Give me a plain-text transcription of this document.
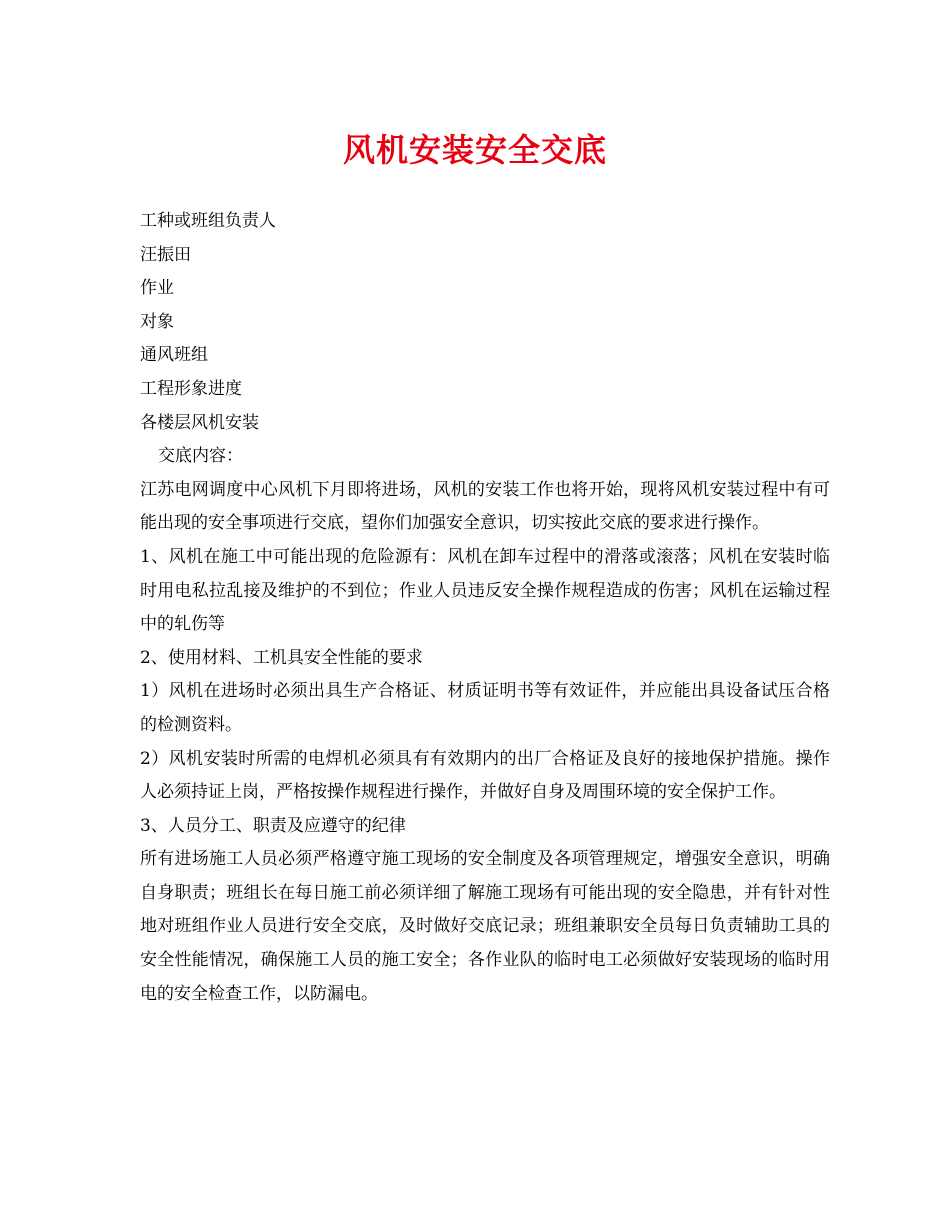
风机安装安全交底
工种或班组负责人
汪振田
作业
对象
通风班组
工程形象进度
各楼层风机安装
交底内容：
江苏电网调度中心风机下月即将进场，风机的安装工作也将开始，现将风机安装过程中有可能出现的安全事项进行交底，望你们加强安全意识，切实按此交底的要求进行操作。
1、风机在施工中可能出现的危险源有：风机在卸车过程中的滑落或滚落；风机在安装时临时用电私拉乱接及维护的不到位；作业人员违反安全操作规程造成的伤害；风机在运输过程中的轧伤等
2、使用材料、工机具安全性能的要求
1）风机在进场时必须出具生产合格证、材质证明书等有效证件，并应能出具设备试压合格的检测资料。
2）风机安装时所需的电焊机必须具有有效期内的出厂合格证及良好的接地保护措施。操作人必须持证上岗，严格按操作规程进行操作，并做好自身及周围环境的安全保护工作。
3、人员分工、职责及应遵守的纪律
所有进场施工人员必须严格遵守施工现场的安全制度及各项管理规定，增强安全意识，明确自身职责；班组长在每日施工前必须详细了解施工现场有可能出现的安全隐患，并有针对性地对班组作业人员进行安全交底，及时做好交底记录；班组兼职安全员每日负责辅助工具的安全性能情况，确保施工人员的施工安全；各作业队的临时电工必须做好安装现场的临时用电的安全检查工作，以防漏电。
